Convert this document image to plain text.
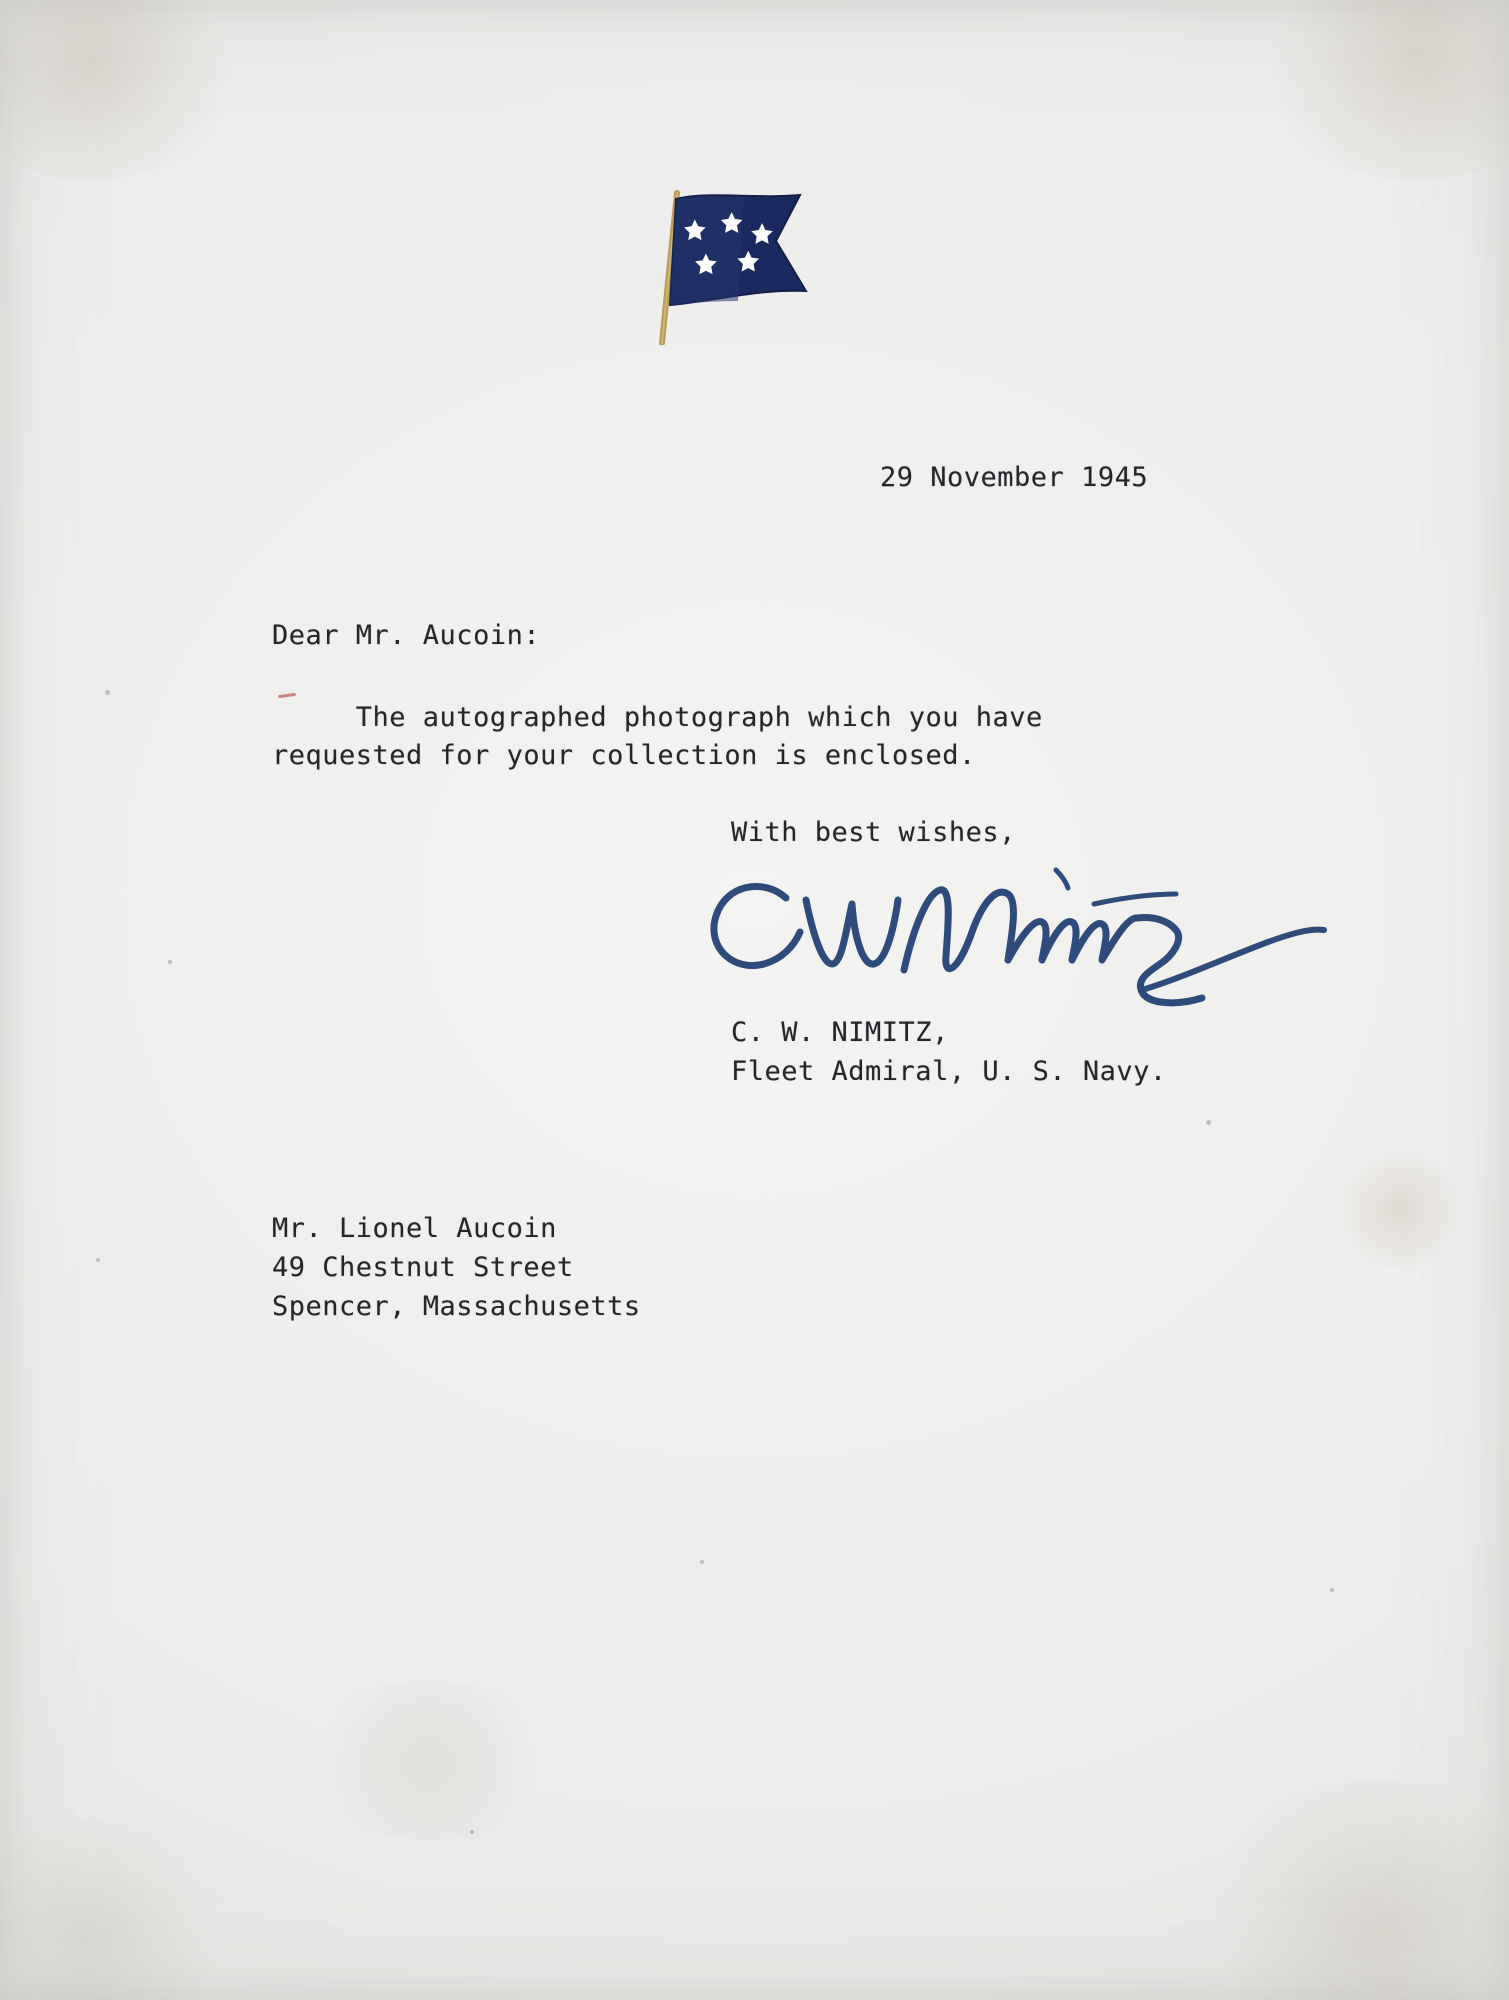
29 November 1945
Dear Mr. Aucoin:
The autographed photograph which you have
requested for your collection is enclosed.
With best wishes,
C. W. NIMITZ,
Fleet Admiral, U. S. Navy.
Mr. Lionel Aucoin
49 Chestnut Street
Spencer, Massachusetts
